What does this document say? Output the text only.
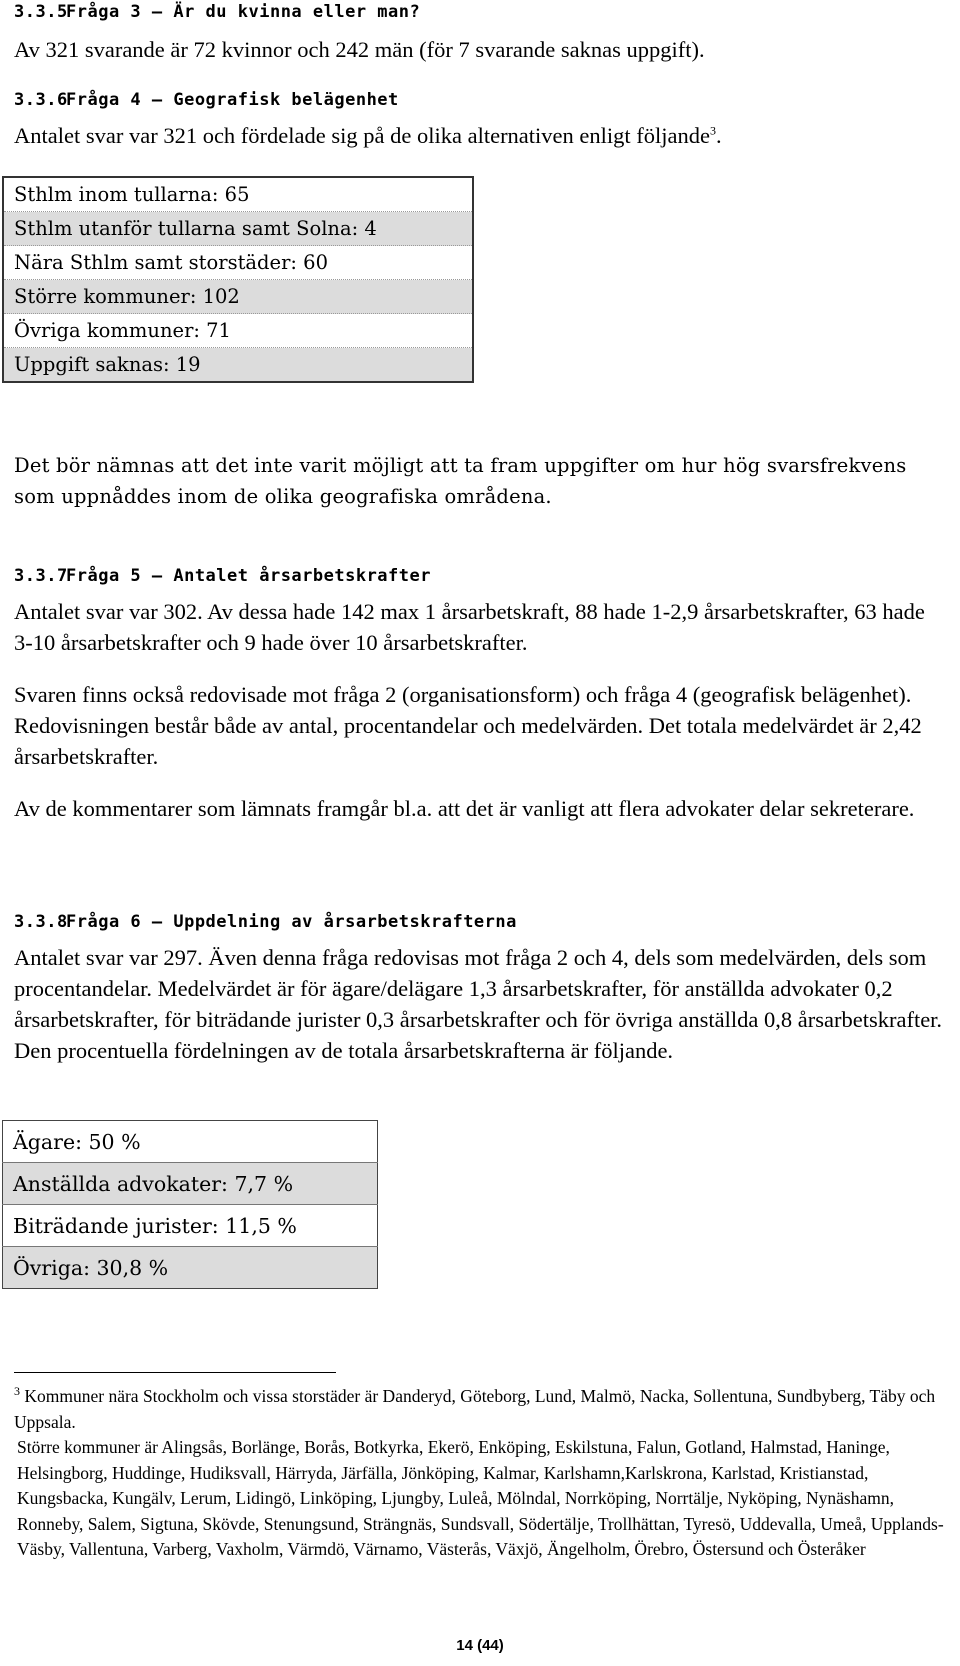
3.3.5Fråga 3 – Är du kvinna eller man?
Av 321 svarande är 72 kvinnor och 242 män (för 7 svarande saknas uppgift).
3.3.6Fråga 4 – Geografisk belägenhet
Antalet svar var 321 och fördelade sig på de olika alternativen enligt följande$^3$.
Sthlm inom tullarna: 65
Sthlm utanför tullarna samt Solna: 4
Nära Sthlm samt storstäder: 60
Större kommuner: 102
Övriga kommuner: 71
Uppgift saknas: 19
Det bör nämnas att det inte varit möjligt att ta fram uppgifter om hur hög svarsfrekvens som uppnåddes inom de olika geografiska områdena.
3.3.7Fråga 5 – Antalet årsarbetskrafter

Antalet svar var 302. Av dessa hade 142 max 1 årsarbetskraft, 88 hade 1-2,9 årsarbetskrafter, 63 hade 3-10 årsarbetskrafter och 9 hade över 10 årsarbetskrafter.

Svaren finns också redovisade mot fråga 2 (organisationsform) och fråga 4 (geografisk belägenhet). Redovisningen består både av antal, procentandelar och medelvärden. Det totala medelvärdet är 2,42 årsarbetskrafter.

Av de kommentarer som lämnats framgår bl.a. att det är vanligt att flera advokater delar sekreterare.

3.3.8Fråga 6 – Uppdelning av årsarbetskrafterna
Antalet svar var 297. Även denna fråga redovisas mot fråga 2 och 4, dels som medelvärden, dels som procentandelar. Medelvärdet är för ägare/delägare 1,3 årsarbetskrafter, för anställda advokater 0,2 årsarbetskrafter, för biträdande jurister 0,3 årsarbetskrafter och för övriga anställda 0,8 årsarbetskrafter. Den procentuella fördelningen av de totala årsarbetskrafterna är följande.
Ägare: 50 %
Anställda advokater: 7,7 %
Biträdande jurister: 11,5 %
Övriga: 30,8 %

$^3$ Kommuner nära Stockholm och vissa storstäder är Danderyd, Göteborg, Lund, Malmö, Nacka, Sollentuna, Sundbyberg, Täby och Uppsala.

Större kommuner är Alingsås, Borlänge, Borås, Botkyrka, Ekerö, Enköping, Eskilstuna, Falun, Gotland, Halmstad, Haninge, Helsingborg, Huddinge, Hudiksvall, Härryda, Järfälla, Jönköping, Kalmar, Karlshamn,Karlskrona, Karlstad, Kristianstad, Kungsbacka, Kungälv, Lerum, Lidingö, Linköping, Ljungby, Luleå, Mölndal, Norrköping, Norrtälje, Nyköping, Nynäshamn, Ronneby, Salem, Sigtuna, Skövde, Stenungsund, Strängnäs, Sundsvall, Södertälje, Trollhättan, Tyresö, Uddevalla, Umeå, Upplands-Väsby, Vallentuna, Varberg, Vaxholm, Värmdö, Värnamo, Västerås, Växjö, Ängelholm, Örebro, Östersund och Österåker

14 (44)
